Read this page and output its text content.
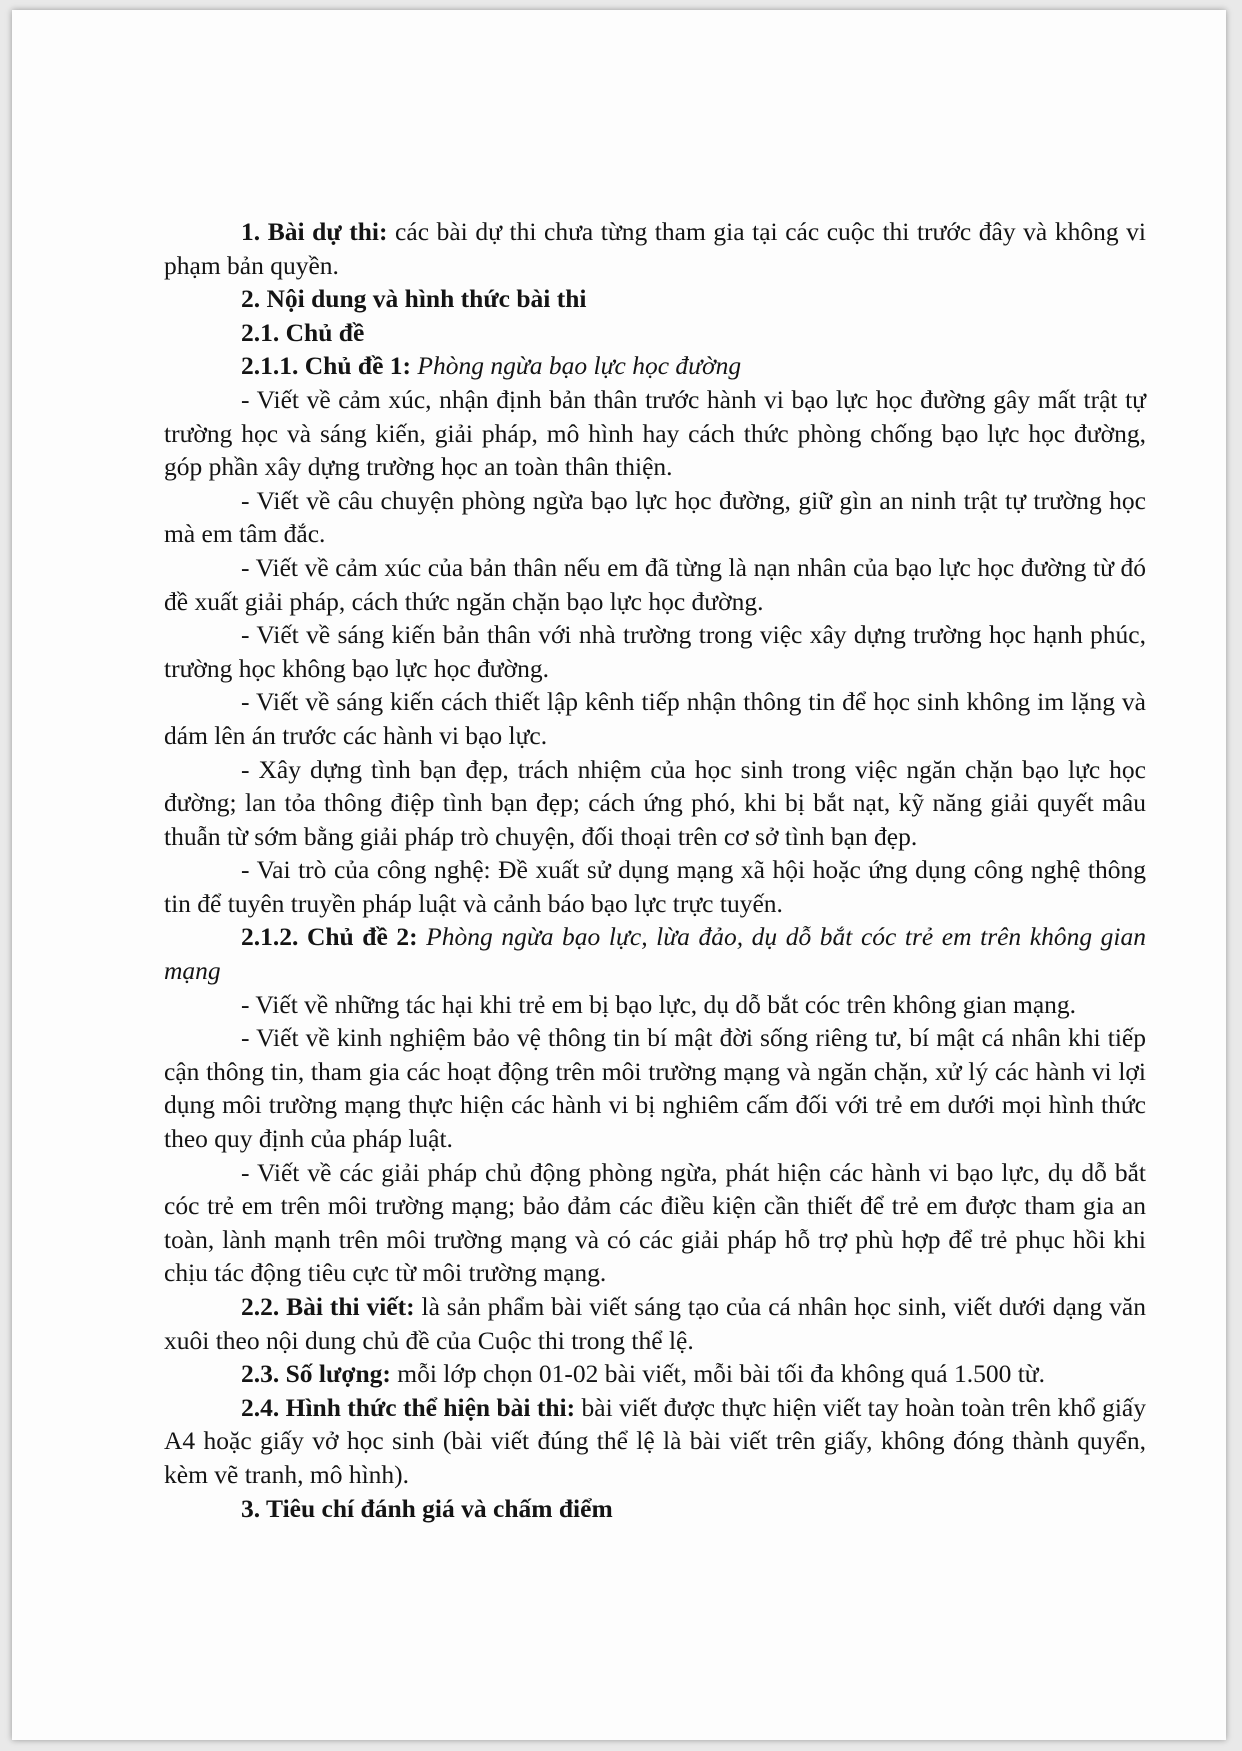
1. Bài dự thi: các bài dự thi chưa từng tham gia tại các cuộc thi trước đây và không vi phạm bản quyền.

2. Nội dung và hình thức bài thi

2.1. Chủ đề

2.1.1. Chủ đề 1: Phòng ngừa bạo lực học đường

- Viết về cảm xúc, nhận định bản thân trước hành vi bạo lực học đường gây mất trật tự trường học và sáng kiến, giải pháp, mô hình hay cách thức phòng chống bạo lực học đường, góp phần xây dựng trường học an toàn thân thiện.

- Viết về câu chuyện phòng ngừa bạo lực học đường, giữ gìn an ninh trật tự trường học mà em tâm đắc.

- Viết về cảm xúc của bản thân nếu em đã từng là nạn nhân của bạo lực học đường từ đó đề xuất giải pháp, cách thức ngăn chặn bạo lực học đường.

- Viết về sáng kiến bản thân với nhà trường trong việc xây dựng trường học hạnh phúc, trường học không bạo lực học đường.

- Viết về sáng kiến cách thiết lập kênh tiếp nhận thông tin để học sinh không im lặng và dám lên án trước các hành vi bạo lực.

- Xây dựng tình bạn đẹp, trách nhiệm của học sinh trong việc ngăn chặn bạo lực học đường; lan tỏa thông điệp tình bạn đẹp; cách ứng phó, khi bị bắt nạt, kỹ năng giải quyết mâu thuẫn từ sớm bằng giải pháp trò chuyện, đối thoại trên cơ sở tình bạn đẹp.

- Vai trò của công nghệ: Đề xuất sử dụng mạng xã hội hoặc ứng dụng công nghệ thông tin để tuyên truyền pháp luật và cảnh báo bạo lực trực tuyến.

2.1.2. Chủ đề 2: Phòng ngừa bạo lực, lừa đảo, dụ dỗ bắt cóc trẻ em trên không gian mạng

- Viết về những tác hại khi trẻ em bị bạo lực, dụ dỗ bắt cóc trên không gian mạng.

- Viết về kinh nghiệm bảo vệ thông tin bí mật đời sống riêng tư, bí mật cá nhân khi tiếp cận thông tin, tham gia các hoạt động trên môi trường mạng và ngăn chặn, xử lý các hành vi lợi dụng môi trường mạng thực hiện các hành vi bị nghiêm cấm đối với trẻ em dưới mọi hình thức theo quy định của pháp luật.

- Viết về các giải pháp chủ động phòng ngừa, phát hiện các hành vi bạo lực, dụ dỗ bắt cóc trẻ em trên môi trường mạng; bảo đảm các điều kiện cần thiết để trẻ em được tham gia an toàn, lành mạnh trên môi trường mạng và có các giải pháp hỗ trợ phù hợp để trẻ phục hồi khi chịu tác động tiêu cực từ môi trường mạng.

2.2. Bài thi viết: là sản phẩm bài viết sáng tạo của cá nhân học sinh, viết dưới dạng văn xuôi theo nội dung chủ đề của Cuộc thi trong thể lệ.

2.3. Số lượng: mỗi lớp chọn 01-02 bài viết, mỗi bài tối đa không quá 1.500 từ.

2.4. Hình thức thể hiện bài thi: bài viết được thực hiện viết tay hoàn toàn trên khổ giấy A4 hoặc giấy vở học sinh (bài viết đúng thể lệ là bài viết trên giấy, không đóng thành quyển, kèm vẽ tranh, mô hình).

3. Tiêu chí đánh giá và chấm điểm
